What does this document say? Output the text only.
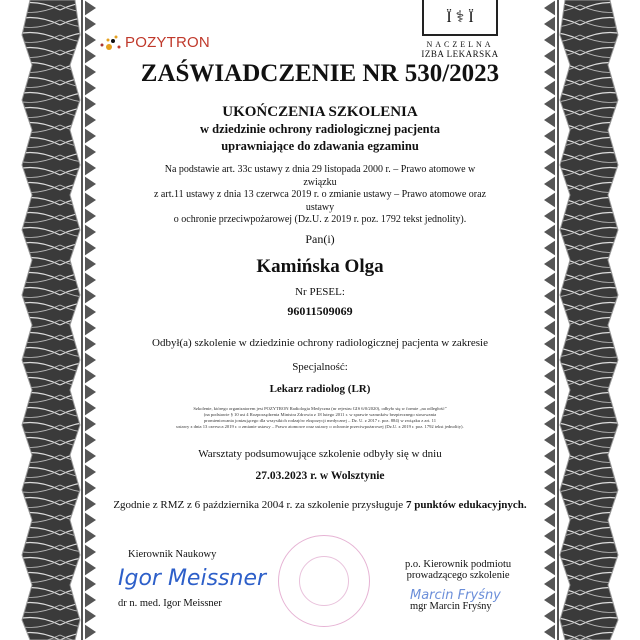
POZYTRON
Ϊ ⚕ Ϊ
NACZELNA
IZBA LEKARSKA
ZAŚWIADCZENIE NR 530/2023
UKOŃCZENIA SZKOLENIA
w dziedzinie ochrony radiologicznej pacjenta
uprawniające do zdawania egzaminu
Na podstawie art. 33c ustawy z dnia 29 listopada 2000 r. – Prawo atomowe w związku
z art.11 ustawy z dnia 13 czerwca 2019 r. o zmianie ustawy – Prawo atomowe oraz ustawy
o ochronie przeciwpożarowej (Dz.U. z 2019 r. poz. 1792 tekst jednolity).
Pan(i)
Kamińska Olga
Nr PESEL:
96011509069
Odbył(a) szkolenie w dziedzinie ochrony radiologicznej pacjenta w zakresie
Specjalność:
Lekarz radiolog (LR)
Szkolenie, którego organizatorem jest POZYTRON Radiologia Medyczna (nr rejestru GIS 6/0/2020), odbyło się w formie „na odległość”
(na podstawie § 10 ust 4 Rozporządzenia Ministra Zdrowia z 18 lutego 2011 r. w sprawie warunków bezpiecznego stosowania
promieniowania jonizującego dla wszystkich rodzajów ekspozycji medycznej – Dz. U. z 2017 r. poz. 884) w związku z art. 11
ustawy z dnia 13 czerwca 2019 r. o zmianie ustawy – Prawo atomowe oraz ustawy o ochronie przeciwpożarowej (Dz.U. z 2019 r. poz. 1792 tekst jednolity).
Warsztaty podsumowujące szkolenie odbyły się w dniu
27.03.2023 r. w Wolsztynie
Zgodnie z RMZ z 6 października 2004 r. za szkolenie przysługuje 7 punktów edukacyjnych.
Kierownik Naukowy
Igor Meissner
dr n. med. Igor Meissner
p.o. Kierownik podmiotu
prowadzącego szkolenie
Marcin Fryśny
mgr Marcin Fryśny
